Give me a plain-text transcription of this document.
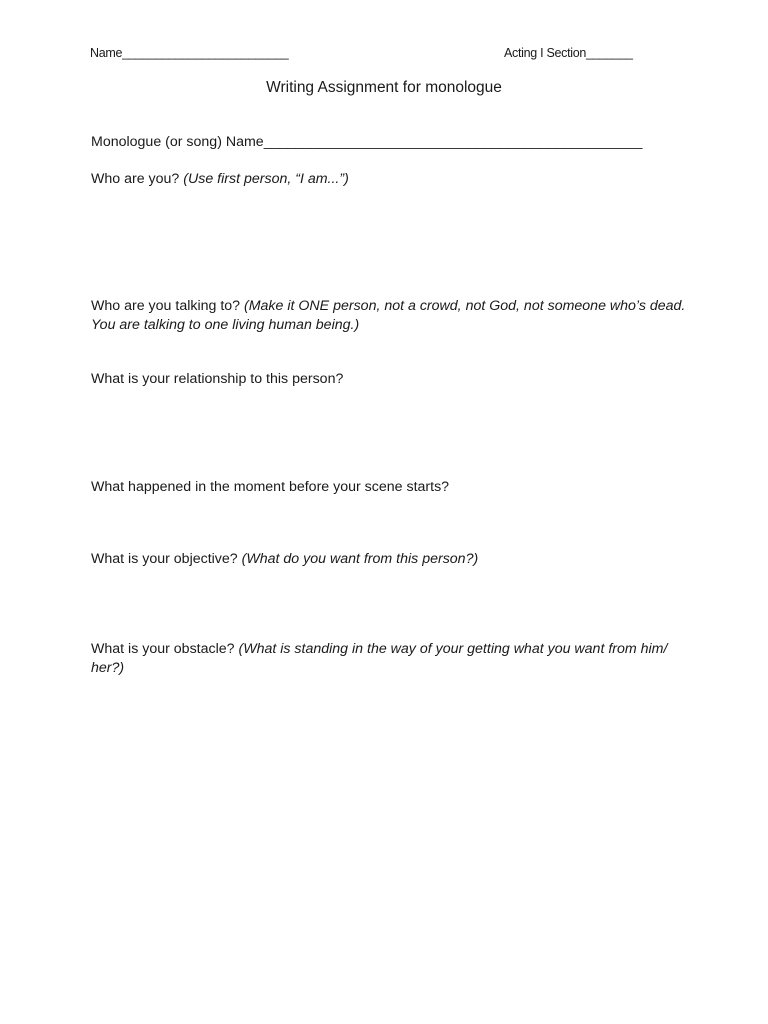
Name_________________________	Acting I Section_______
Writing Assignment for monologue
Monologue (or song) Name________________________________________________
Who are you? (Use first person, “I am...”)
Who are you talking to? (Make it ONE person, not a crowd, not God, not someone who’s dead. You are talking to one living human being.)
What is your relationship to this person?
What happened in the moment before your scene starts?
What is your objective? (What do you want from this person?)
What is your obstacle? (What is standing in the way of your getting what you want from him/ her?)
